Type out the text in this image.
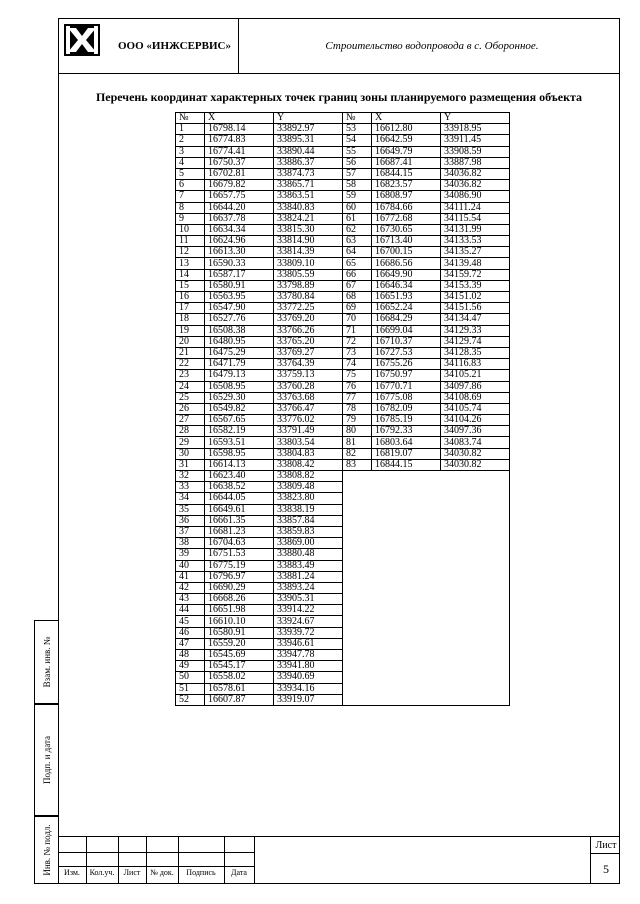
ООО «ИНЖСЕРВИС»	Строительство водопровода в с. Оборонное.
Перечень координат характерных точек границ зоны планируемого размещения объекта
№	X	Y
1	16798.14	33892.97
2	16774.83	33895.31
3	16774.41	33890.44
4	16750.37	33886.37
5	16702.81	33874.73
6	16679.82	33865.71
7	16657.75	33863.51
8	16644.20	33840.83
9	16637.78	33824.21
10	16634.34	33815.30
11	16624.96	33814.90
12	16613.30	33814.39
13	16590.33	33809.10
14	16587.17	33805.59
15	16580.91	33798.89
16	16563.95	33780.84
17	16547.90	33772.25
18	16527.76	33769.20
19	16508.38	33766.26
20	16480.95	33765.20
21	16475.29	33769.27
22	16471.79	33764.39
23	16479.13	33759.13
24	16508.95	33760.28
25	16529.30	33763.68
26	16549.82	33766.47
27	16567.65	33776.02
28	16582.19	33791.49
29	16593.51	33803.54
30	16598.95	33804.83
31	16614.13	33808.42
32	16623.40	33808.82
33	16638.52	33809.48
34	16644.05	33823.80
35	16649.61	33838.19
36	16661.35	33857.84
37	16681.23	33859.83
38	16704.63	33869.00
39	16751.53	33880.48
40	16775.19	33883.49
41	16796.97	33881.24
42	16690.29	33893.24
43	16668.26	33905.31
44	16651.98	33914.22
45	16610.10	33924.67
46	16580.91	33939.72
47	16559.20	33946.61
48	16545.69	33947.78
49	16545.17	33941.80
50	16558.02	33940.69
51	16578.61	33934.16
52	16607.87	33919.07
№	X	Y
53	16612.80	33918.95
54	16642.59	33911.45
55	16649.79	33908.59
56	16687.41	33887.98
57	16844.15	34036.82
58	16823.57	34036.82
59	16808.97	34086.90
60	16784.66	34111.24
61	16772.68	34115.54
62	16730.65	34131.99
63	16713.40	34133.53
64	16700.15	34135.27
65	16686.56	34139.48
66	16649.90	34159.72
67	16646.34	34153.39
68	16651.93	34151.02
69	16652.24	34151.56
70	16684.29	34134.47
71	16699.04	34129.33
72	16710.37	34129.74
73	16727.53	34128.35
74	16755.26	34116.83
75	16750.97	34105.21
76	16770.71	34097.86
77	16775.08	34108.69
78	16782.09	34105.74
79	16785.19	34104.26
80	16792.33	34097.36
81	16803.64	34083.74
82	16819.07	34030.82
83	16844.15	34030.82
Взам. инв. №
Подп. и дата
Инв. № подл.	Изм.	Кол.уч.	Лист	№ док.	Подпись	Дата
Лист
5
